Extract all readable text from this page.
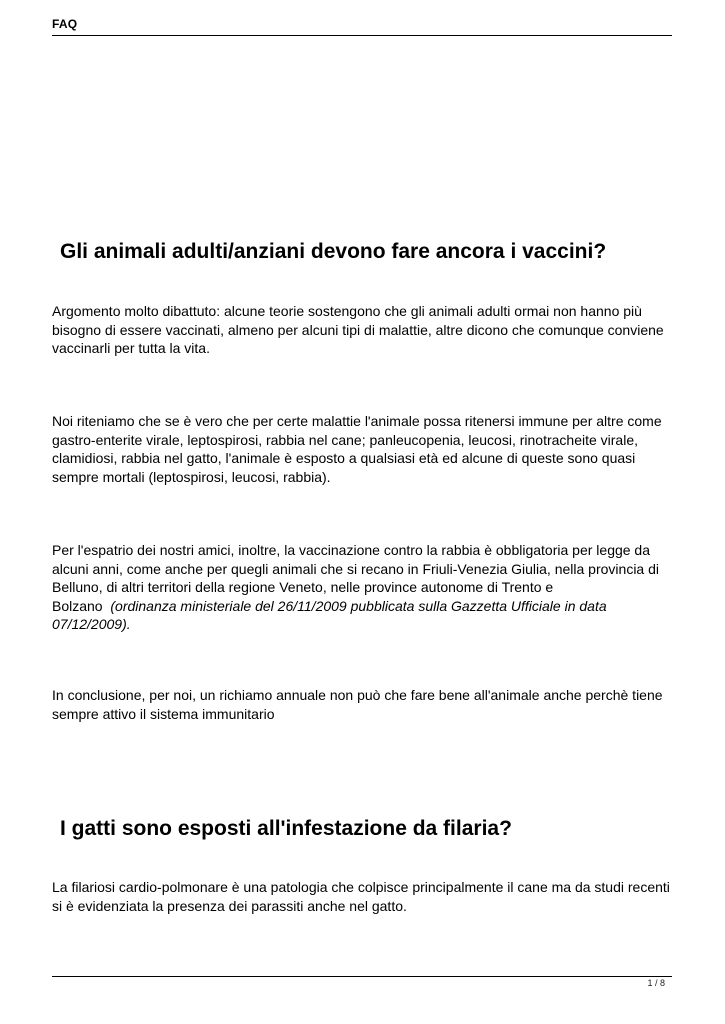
FAQ
Gli animali adulti/anziani devono fare ancora i vaccini?

Argomento molto dibattuto: alcune teorie sostengono che gli animali adulti ormai non hanno più bisogno di essere vaccinati, almeno per alcuni tipi di malattie, altre dicono che comunque conviene vaccinarli per tutta la vita.

Noi riteniamo che se è vero che per certe malattie l'animale possa ritenersi immune per altre come gastro-enterite virale, leptospirosi, rabbia nel cane; panleucopenia, leucosi, rinotracheite virale, clamidiosi, rabbia nel gatto, l'animale è esposto a qualsiasi età ed alcune di queste sono quasi sempre mortali (leptospirosi, leucosi, rabbia).

Per l'espatrio dei nostri amici, inoltre, la vaccinazione contro la rabbia è obbligatoria per legge da alcuni anni, come anche per quegli animali che si recano in Friuli-Venezia Giulia, nella provincia di Belluno, di altri territori della regione Veneto, nelle province autonome di Trento e Bolzano (ordinanza ministeriale del 26/11/2009 pubblicata sulla Gazzetta Ufficiale in data 07/12/2009).

In conclusione, per noi, un richiamo annuale non può che fare bene all'animale anche perchè tiene sempre attivo il sistema immunitario

I gatti sono esposti all'infestazione da filaria?

La filariosi cardio-polmonare è una patologia che colpisce principalmente il cane ma da studi recenti si è evidenziata la presenza dei parassiti anche nel gatto.

1 / 8
